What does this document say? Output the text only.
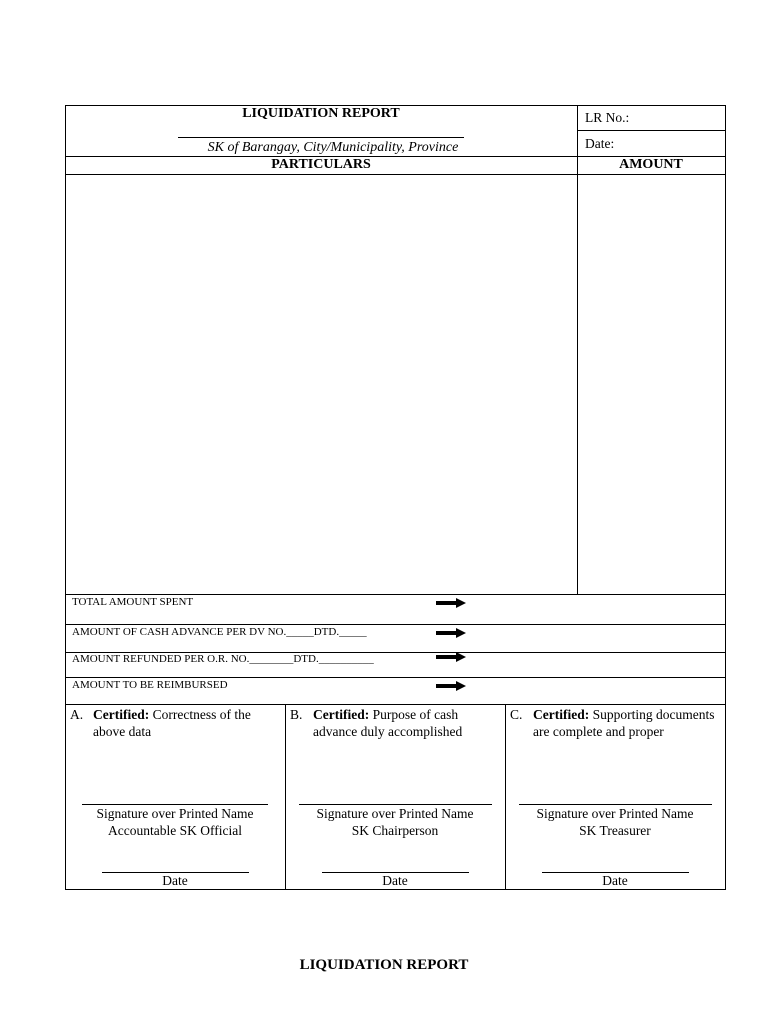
LIQUIDATION REPORT
SK of Barangay, City/Municipality, Province
LR No.:
Date:
PARTICULARS	AMOUNT
TOTAL AMOUNT SPENT
AMOUNT OF CASH ADVANCE PER DV NO._____DTD._____
AMOUNT REFUNDED PER O.R. NO.________DTD.__________
AMOUNT TO BE REIMBURSED
A. Certified: Correctness of the above data
Signature over Printed Name
Accountable SK Official
Date
B. Certified: Purpose of cash advance duly accomplished
Signature over Printed Name
SK Chairperson
Date
C. Certified: Supporting documents are complete and proper
Signature over Printed Name
SK Treasurer
Date
LIQUIDATION REPORT
